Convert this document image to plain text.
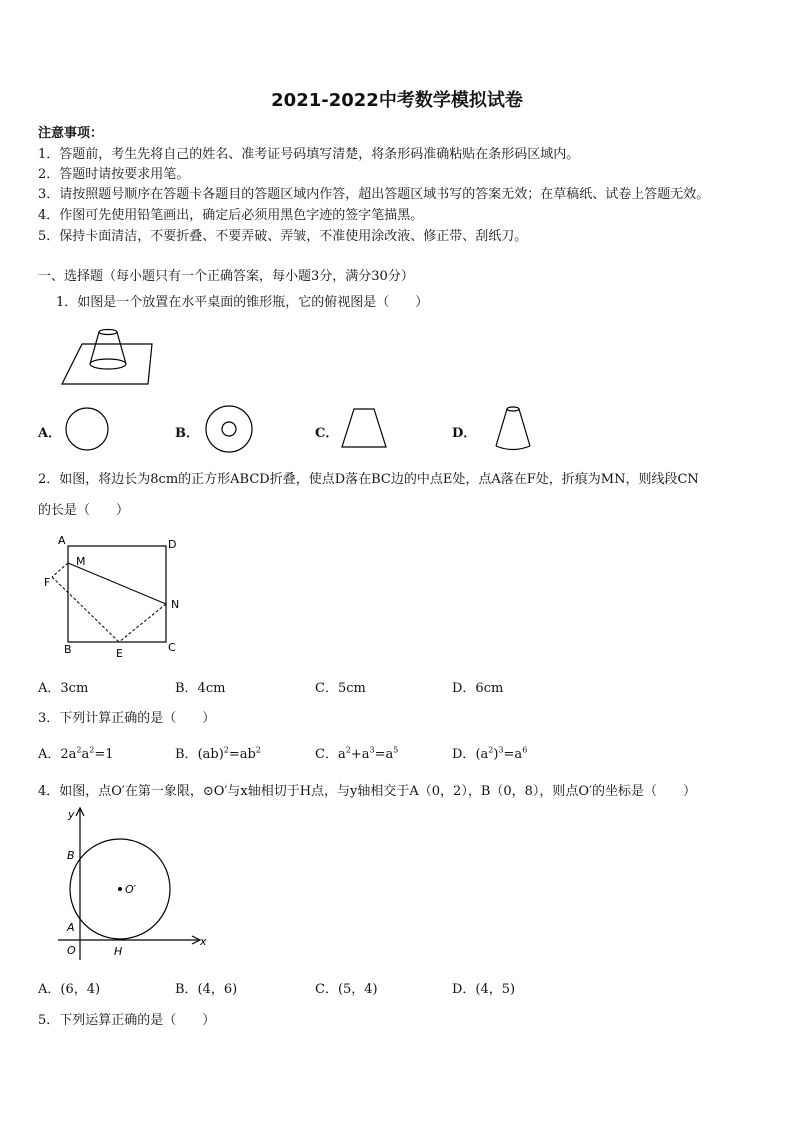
2021-2022中考数学模拟试卷
注意事项：
1．答题前，考生先将自己的姓名、准考证号码填写清楚，将条形码准确粘贴在条形码区域内。
2．答题时请按要求用笔。
3．请按照题号顺序在答题卡各题目的答题区域内作答，超出答题区域书写的答案无效；在草稿纸、试卷上答题无效。
4．作图可先使用铅笔画出，确定后必须用黑色字迹的签字笔描黑。
5．保持卡面清洁，不要折叠、不要弄破、弄皱，不准使用涂改液、修正带、刮纸刀。
一、选择题（每小题只有一个正确答案，每小题3分，满分30分）
1．如图是一个放置在水平桌面的锥形瓶，它的俯视图是（　　）
A．	B．	C．	D．
2．如图，将边长为8cm的正方形ABCD折叠，使点D落在BC边的中点E处，点A落在F处，折痕为MN，则线段CN
的长是（　　）
A	D
M
F
N
B	E	C
A．3cm	B．4cm	C．5cm	D．6cm
3．下列计算正确的是（　　）
A．$2a^2a^2=1$	B．$(ab)^2=ab^2$	C．$a^2+a^3=a^5$	D．$(a^2)^3=a^6$
4．如图，点O′在第一象限，⊙O′与x轴相切于H点，与y轴相交于A（0，2），B（0，8），则点O′的坐标是（　　）
y
x
B
O′
A
O	H
A．(6，4)	B．(4，6)	C．(5，4)	D．(4，5)
5．下列运算正确的是（　　）
